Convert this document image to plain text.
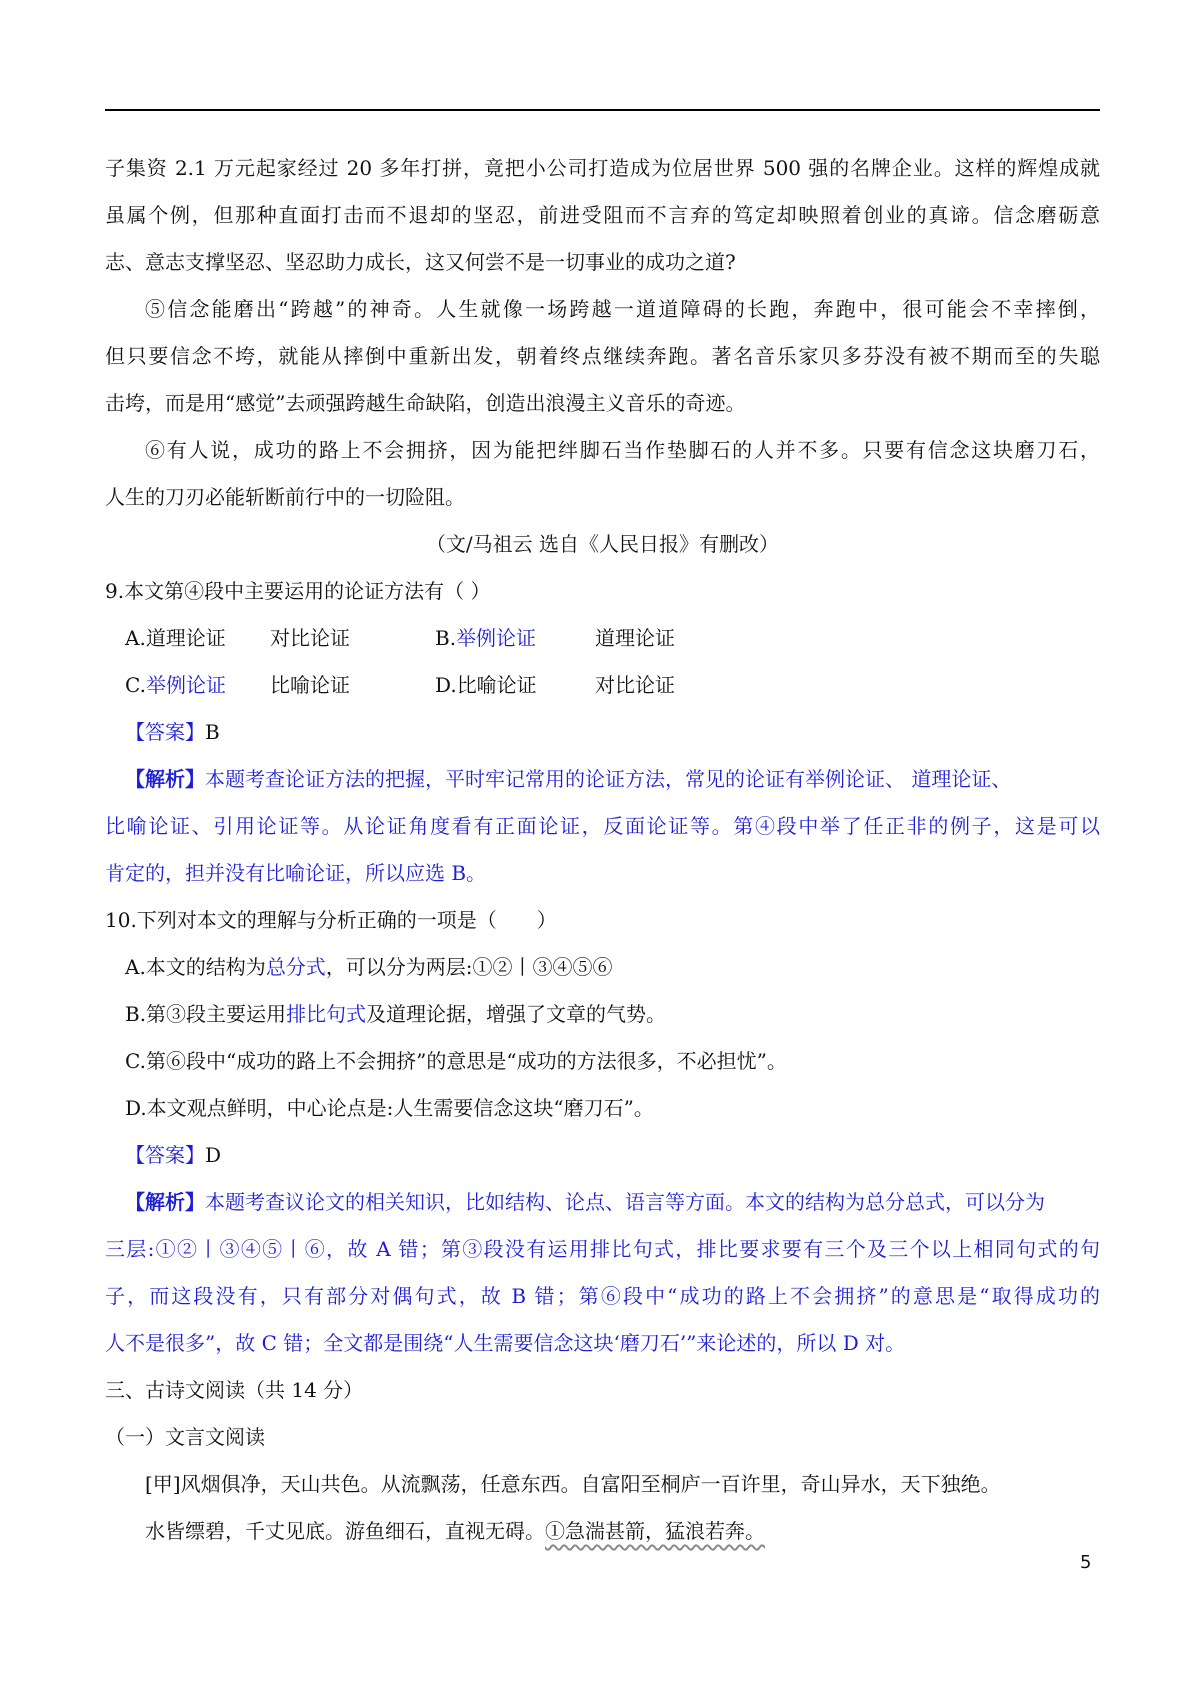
子集资 2.1 万元起家经过 20 多年打拼，竟把小公司打造成为位居世界 500 强的名牌企业。这样的辉煌成就
虽属个例，但那种直面打击而不退却的坚忍，前进受阻而不言弃的笃定却映照着创业的真谛。信念磨砺意
志、意志支撑坚忍、坚忍助力成长，这又何尝不是一切事业的成功之道?
⑤信念能磨出“跨越”的神奇。人生就像一场跨越一道道障碍的长跑，奔跑中，很可能会不幸摔倒，
但只要信念不垮，就能从摔倒中重新出发，朝着终点继续奔跑。著名音乐家贝多芬没有被不期而至的失聪
击垮，而是用“感觉”去顽强跨越生命缺陷，创造出浪漫主义音乐的奇迹。
⑥有人说，成功的路上不会拥挤，因为能把绊脚石当作垫脚石的人并不多。只要有信念这块磨刀石，
人生的刀刃必能斩断前行中的一切险阻。
（文/马祖云 选自《人民日报》有删改）
9.本文第④段中主要运用的论证方法有（ ）
A.道理论证 对比论证	B.举例论证	道理论证
C.举例论证 比喻论证	D.比喻论证	对比论证
【答案】B
【解析】本题考查论证方法的把握，平时牢记常用的论证方法，常见的论证有举例论证、 道理论证、
比喻论证、引用论证等。从论证角度看有正面论证，反面论证等。第④段中举了任正非的例子，这是可以
肯定的，担并没有比喻论证，所以应选 B。
10.下列对本文的理解与分析正确的一项是（　　）
A.本文的结构为总分式，可以分为两层:①②丨③④⑤⑥
B.第③段主要运用排比句式及道理论据，增强了文章的气势。
C.第⑥段中“成功的路上不会拥挤”的意思是“成功的方法很多，不必担忧”。
D.本文观点鲜明，中心论点是:人生需要信念这块“磨刀石”。
【答案】D
【解析】本题考查议论文的相关知识，比如结构、论点、语言等方面。本文的结构为总分总式，可以分为
三层:①②丨③④⑤丨⑥，故 A 错；第③段没有运用排比句式，排比要求要有三个及三个以上相同句式的句
子，而这段没有，只有部分对偶句式，故 B 错；第⑥段中“成功的路上不会拥挤”的意思是“取得成功的
人不是很多”，故 C 错；全文都是围绕“人生需要信念这块‘磨刀石’”来论述的，所以 D 对。
三、古诗文阅读（共 14 分）
（一）文言文阅读
[甲]风烟俱净，天山共色。从流飘荡，任意东西。自富阳至桐庐一百许里，奇山异水，天下独绝。
水皆缥碧，千丈见底。游鱼细石，直视无碍。①急湍甚箭，猛浪若奔。
5
